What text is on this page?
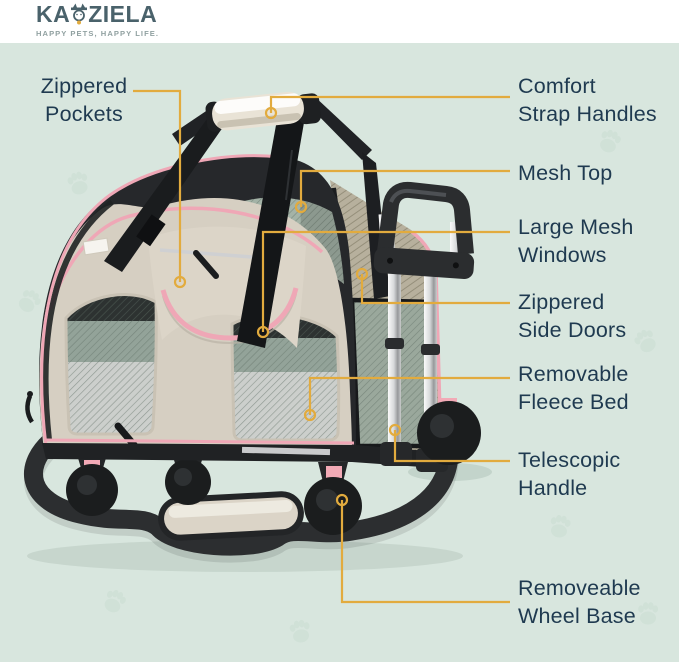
KA ZIELA
HAPPY PETS, HAPPY LIFE.
Zippered
Pockets
Comfort
Strap Handles
Mesh Top
Large Mesh
Windows
Zippered
Side Doors
Removable
Fleece Bed
Telescopic
Handle
Removeable
Wheel Base
